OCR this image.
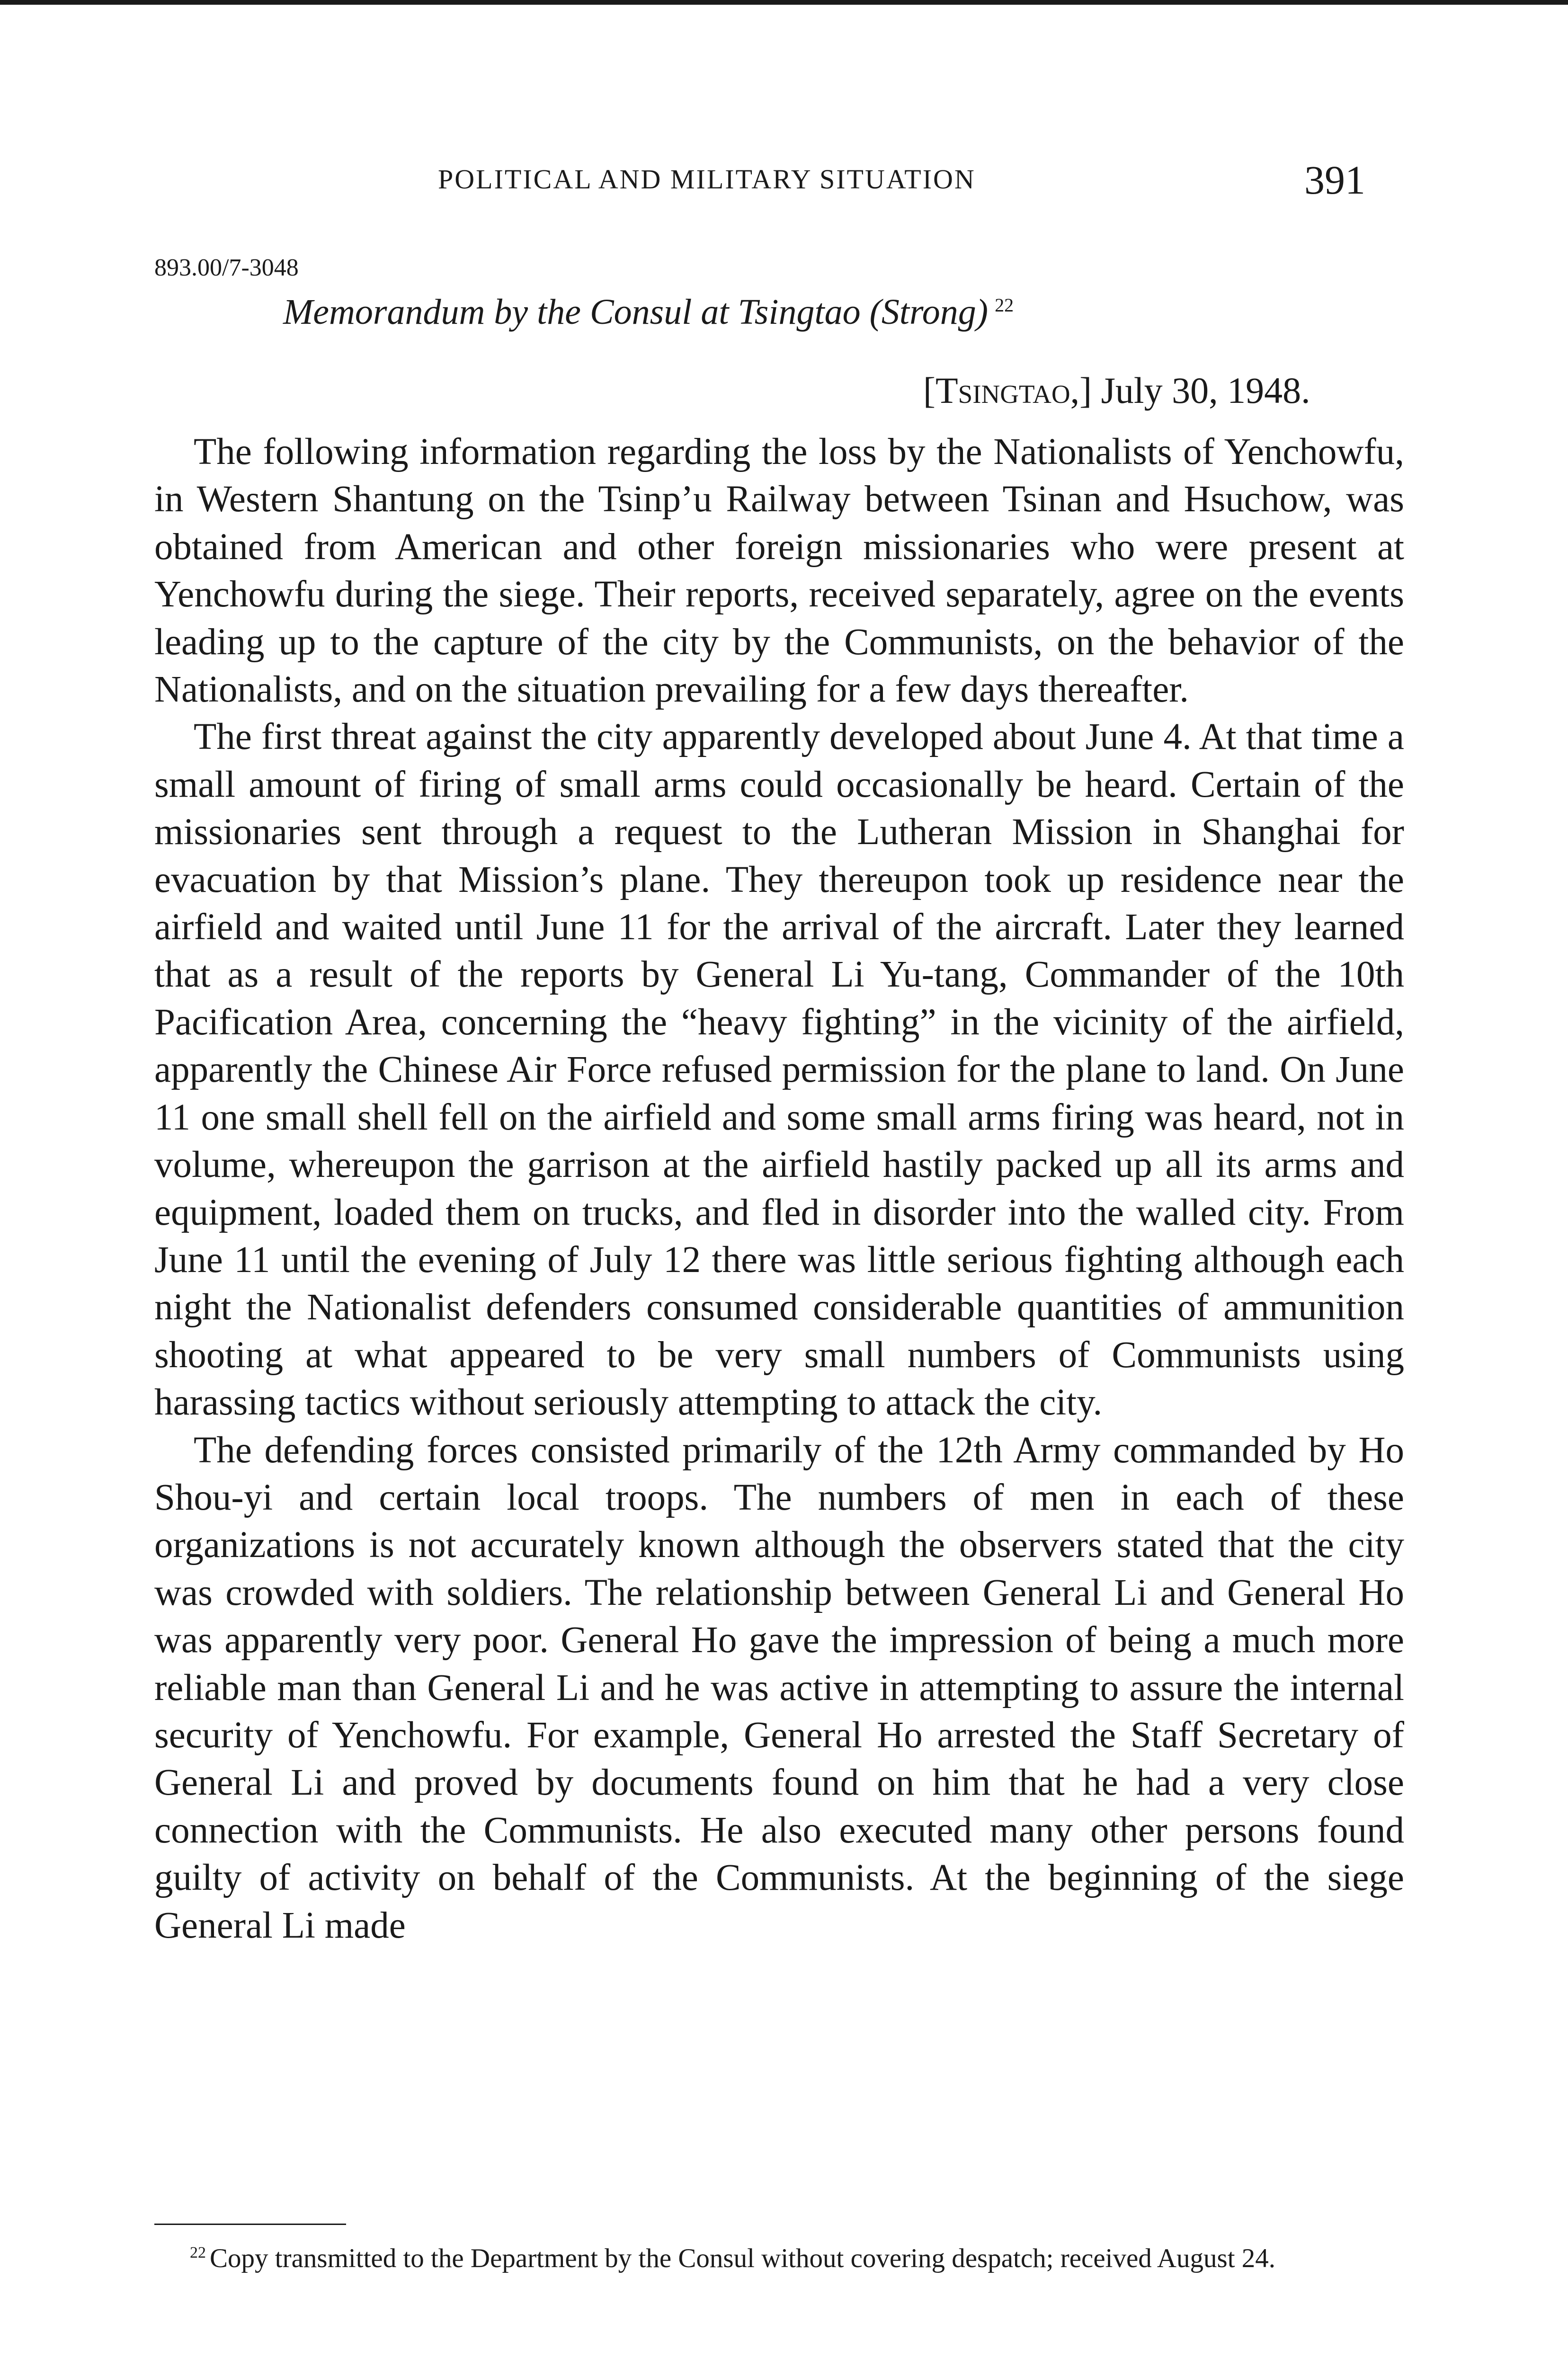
POLITICAL AND MILITARY SITUATION	391
893.00/7-3048
Memorandum by the Consul at Tsingtao (Strong) $^{22}$
[Tsingtao,] July 30, 1948.

The following information regarding the loss by the Nationalists of Yenchowfu, in Western Shantung on the Tsinp’u Railway between Tsinan and Hsuchow, was obtained from American and other foreign missionaries who were present at Yenchowfu during the siege. Their reports, received separately, agree on the events leading up to the capture of the city by the Communists, on the behavior of the Nationalists, and on the situation prevailing for a few days thereafter.

The first threat against the city apparently developed about June 4. At that time a small amount of firing of small arms could occasionally be heard. Certain of the missionaries sent through a request to the Lutheran Mission in Shanghai for evacuation by that Mission’s plane. They thereupon took up residence near the airfield and waited until June 11 for the arrival of the aircraft. Later they learned that as a result of the reports by General Li Yu-tang, Commander of the 10th Pacification Area, concerning the “heavy fighting” in the vicinity of the airfield, apparently the Chinese Air Force refused permission for the plane to land. On June 11 one small shell fell on the airfield and some small arms firing was heard, not in volume, whereupon the garrison at the airfield hastily packed up all its arms and equipment, loaded them on trucks, and fled in disorder into the walled city. From June 11 until the evening of July 12 there was little serious fighting although each night the Nationalist defenders consumed considerable quantities of ammunition shooting at what appeared to be very small numbers of Communists using harassing tactics without seriously attempting to attack the city.

The defending forces consisted primarily of the 12th Army commanded by Ho Shou-yi and certain local troops. The numbers of men in each of these organizations is not accurately known although the observers stated that the city was crowded with soldiers. The relationship between General Li and General Ho was apparently very poor. General Ho gave the impression of being a much more reliable man than General Li and he was active in attempting to assure the internal security of Yenchowfu. For example, General Ho arrested the Staff Secretary of General Li and proved by documents found on him that he had a very close connection with the Communists. He also executed many other persons found guilty of activity on behalf of the Communists. At the beginning of the siege General Li made

$^{22}$ Copy transmitted to the Department by the Consul without covering despatch; received August 24.
